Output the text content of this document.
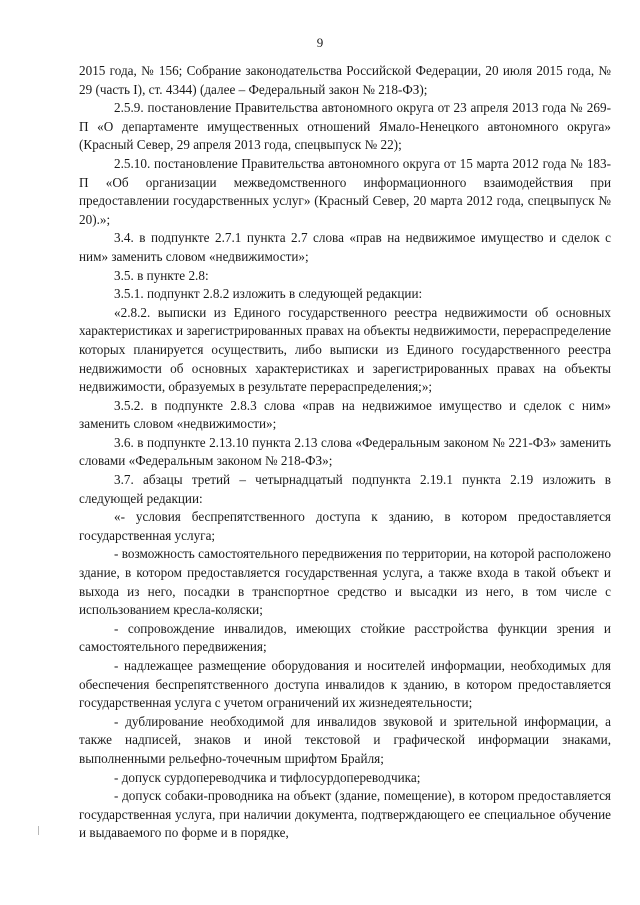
9

2015 года, № 156; Собрание законодательства Российской Федерации, 20 июля 2015 года, № 29 (часть I), ст. 4344) (далее – Федеральный закон № 218-ФЗ);

2.5.9. постановление Правительства автономного округа от 23 апреля 2013 года № 269-П «О департаменте имущественных отношений Ямало-Ненецкого автономного округа» (Красный Север, 29 апреля 2013 года, спецвыпуск № 22);

2.5.10. постановление Правительства автономного округа от 15 марта 2012 года № 183-П «Об организации межведомственного информационного взаимодействия при предоставлении государственных услуг» (Красный Север, 20 марта 2012 года, спецвыпуск № 20).»;

3.4. в подпункте 2.7.1 пункта 2.7 слова «прав на недвижимое имущество и сделок с ним» заменить словом «недвижимости»;

3.5. в пункте 2.8:

3.5.1. подпункт 2.8.2 изложить в следующей редакции:

«2.8.2. выписки из Единого государственного реестра недвижимости об основных характеристиках и зарегистрированных правах на объекты недвижимости, перераспределение которых планируется осуществить, либо выписки из Единого государственного реестра недвижимости об основных характеристиках и зарегистрированных правах на объекты недвижимости, образуемых в результате перераспределения;»;

3.5.2. в подпункте 2.8.3 слова «прав на недвижимое имущество и сделок с ним» заменить словом «недвижимости»;

3.6. в подпункте 2.13.10 пункта 2.13 слова «Федеральным законом № 221-ФЗ» заменить словами «Федеральным законом № 218-ФЗ»;

3.7. абзацы третий – четырнадцатый подпункта 2.19.1 пункта 2.19 изложить в следующей редакции:

«- условия беспрепятственного доступа к зданию, в котором предоставляется государственная услуга;

- возможность самостоятельного передвижения по территории, на которой расположено здание, в котором предоставляется государственная услуга, а также входа в такой объект и выхода из него, посадки в транспортное средство и высадки из него, в том числе с использованием кресла-коляски;

- сопровождение инвалидов, имеющих стойкие расстройства функции зрения и самостоятельного передвижения;

- надлежащее размещение оборудования и носителей информации, необходимых для обеспечения беспрепятственного доступа инвалидов к зданию, в котором предоставляется государственная услуга с учетом ограничений их жизнедеятельности;

- дублирование необходимой для инвалидов звуковой и зрительной информации, а также надписей, знаков и иной текстовой и графической информации знаками, выполненными рельефно-точечным шрифтом Брайля;

- допуск сурдопереводчика и тифлосурдопереводчика;

- допуск собаки-проводника на объект (здание, помещение), в котором предоставляется государственная услуга, при наличии документа, подтверждающего ее специальное обучение и выдаваемого по форме и в порядке,
